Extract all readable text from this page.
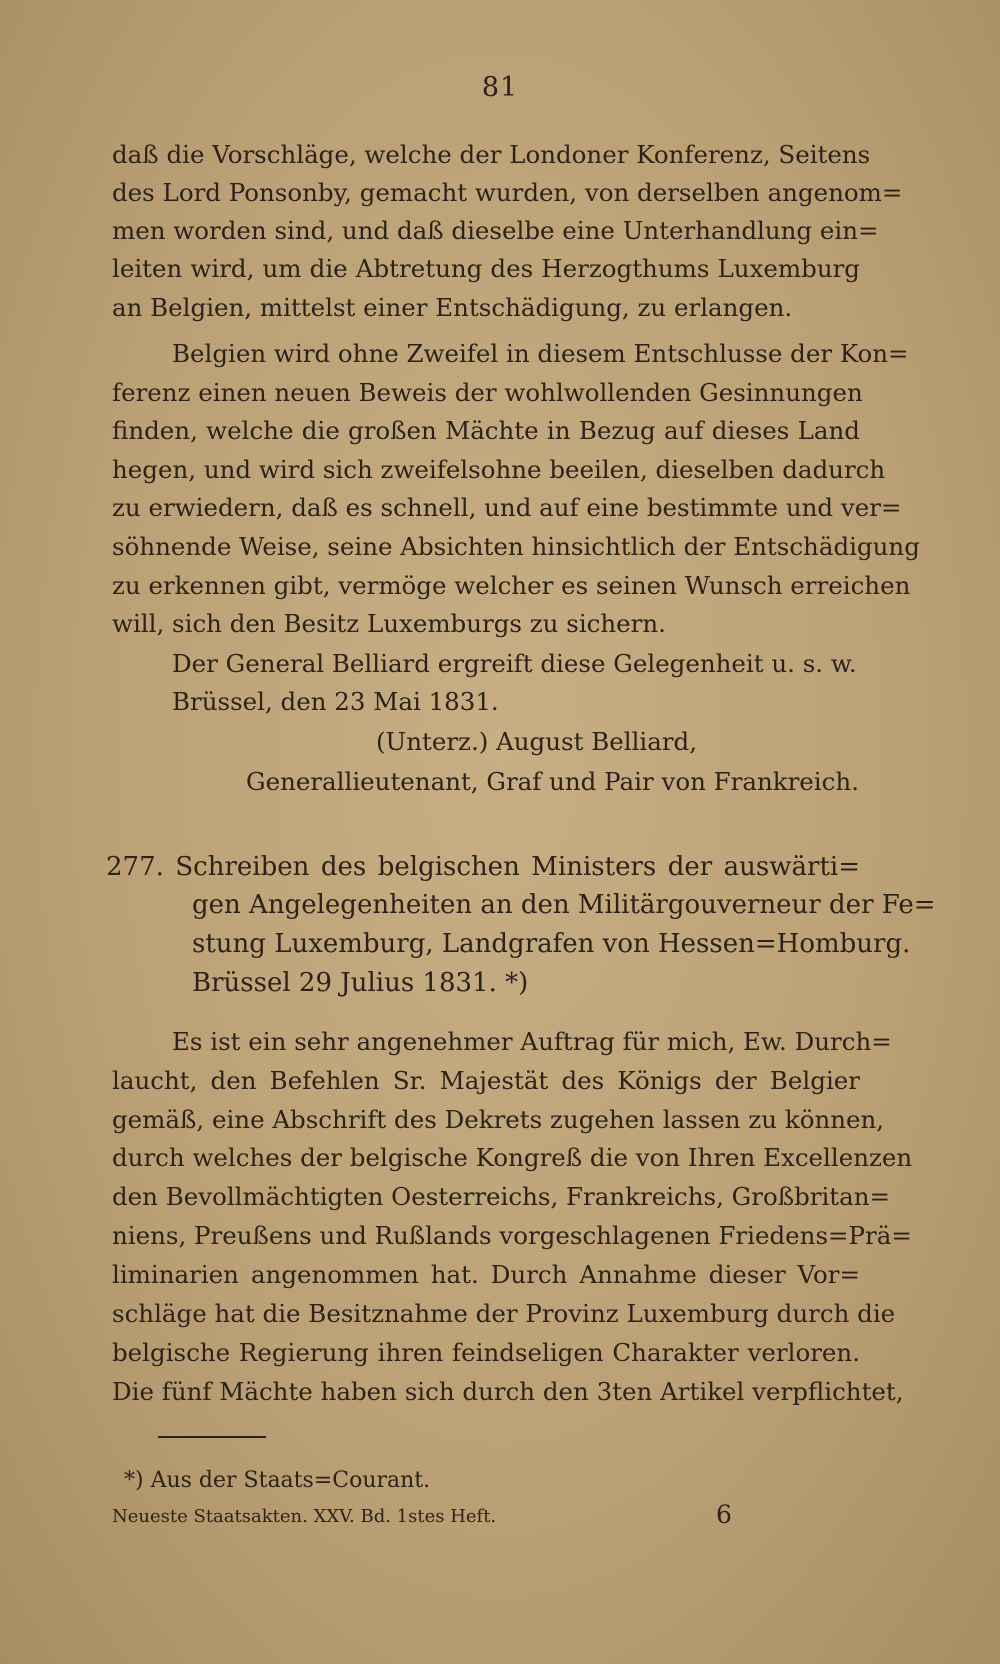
81
daß die Vorschläge, welche der Londoner Konferenz, Seitens
des Lord Ponsonby, gemacht wurden, von derselben angenom=
men worden sind, und daß dieselbe eine Unterhandlung ein=
leiten wird, um die Abtretung des Herzogthums Luxemburg
an Belgien, mittelst einer Entschädigung, zu erlangen.
Belgien wird ohne Zweifel in diesem Entschlusse der Kon=
ferenz einen neuen Beweis der wohlwollenden Gesinnungen
finden, welche die großen Mächte in Bezug auf dieses Land
hegen, und wird sich zweifelsohne beeilen, dieselben dadurch
zu erwiedern, daß es schnell, und auf eine bestimmte und ver=
söhnende Weise, seine Absichten hinsichtlich der Entschädigung
zu erkennen gibt, vermöge welcher es seinen Wunsch erreichen
will, sich den Besitz Luxemburgs zu sichern.
Der General Belliard ergreift diese Gelegenheit u. s. w.
Brüssel, den 23 Mai 1831.
(Unterz.) August Belliard,
Generallieutenant, Graf und Pair von Frankreich.
277. Schreiben des belgischen Ministers der auswärti=
gen Angelegenheiten an den Militärgouverneur der Fe=
stung Luxemburg, Landgrafen von Hessen=Homburg.
Brüssel 29 Julius 1831. *)
Es ist ein sehr angenehmer Auftrag für mich, Ew. Durch=
laucht, den Befehlen Sr. Majestät des Königs der Belgier
gemäß, eine Abschrift des Dekrets zugehen lassen zu können,
durch welches der belgische Kongreß die von Ihren Excellenzen
den Bevollmächtigten Oesterreichs, Frankreichs, Großbritan=
niens, Preußens und Rußlands vorgeschlagenen Friedens=Prä=
liminarien angenommen hat. Durch Annahme dieser Vor=
schläge hat die Besitznahme der Provinz Luxemburg durch die
belgische Regierung ihren feindseligen Charakter verloren.
Die fünf Mächte haben sich durch den 3ten Artikel verpflichtet,
*) Aus der Staats=Courant.
Neueste Staatsakten. XXV. Bd. 1stes Heft.	6
